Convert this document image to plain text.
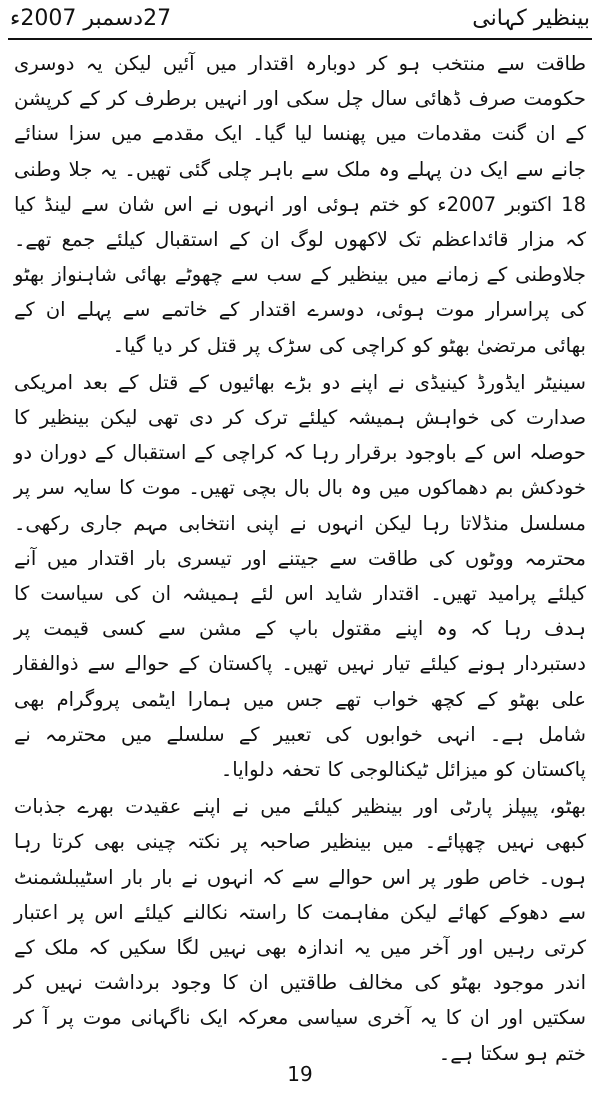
27دسمبر 2007ء	بینظیر کہانی

طاقت سے منتخب ہو کر دوبارہ اقتدار میں آئیں لیکن یہ دوسری حکومت صرف ڈھائی سال چل سکی اور انہیں برطرف کر کے کرپشن کے ان گنت مقدمات میں پھنسا لیا گیا۔ ایک مقدمے میں سزا سنائے جانے سے ایک دن پہلے وہ ملک سے باہر چلی گئی تھیں۔ یہ جلا وطنی 18 اکتوبر 2007ء کو ختم ہوئی اور انہوں نے اس شان سے لینڈ کیا کہ مزار قائداعظم تک لاکھوں لوگ ان کے استقبال کیلئے جمع تھے۔ جلاوطنی کے زمانے میں بینظیر کے سب سے چھوٹے بھائی شاہنواز بھٹو کی پراسرار موت ہوئی، دوسرے اقتدار کے خاتمے سے پہلے ان کے بھائی مرتضیٰ بھٹو کو کراچی کی سڑک پر قتل کر دیا گیا۔

سینیٹر ایڈورڈ کینیڈی نے اپنے دو بڑے بھائیوں کے قتل کے بعد امریکی صدارت کی خواہش ہمیشہ کیلئے ترک کر دی تھی لیکن بینظیر کا حوصلہ اس کے باوجود برقرار رہا کہ کراچی کے استقبال کے دوران دو خودکش بم دھماکوں میں وہ بال بال بچی تھیں۔ موت کا سایہ سر پر مسلسل منڈلاتا رہا لیکن انہوں نے اپنی انتخابی مہم جاری رکھی۔ محترمہ ووٹوں کی طاقت سے جیتنے اور تیسری بار اقتدار میں آنے کیلئے پرامید تھیں۔ اقتدار شاید اس لئے ہمیشہ ان کی سیاست کا ہدف رہا کہ وہ اپنے مقتول باپ کے مشن سے کسی قیمت پر دستبردار ہونے کیلئے تیار نہیں تھیں۔ پاکستان کے حوالے سے ذوالفقار علی بھٹو کے کچھ خواب تھے جس میں ہمارا ایٹمی پروگرام بھی شامل ہے۔ انہی خوابوں کی تعبیر کے سلسلے میں محترمہ نے پاکستان کو میزائل ٹیکنالوجی کا تحفہ دلوایا۔

بھٹو، پیپلز پارٹی اور بینظیر کیلئے میں نے اپنے عقیدت بھرے جذبات کبھی نہیں چھپائے۔ میں بینظیر صاحبہ پر نکتہ چینی بھی کرتا رہا ہوں۔ خاص طور پر اس حوالے سے کہ انہوں نے بار بار اسٹیبلشمنٹ سے دھوکے کھائے لیکن مفاہمت کا راستہ نکالنے کیلئے اس پر اعتبار کرتی رہیں اور آخر میں یہ اندازہ بھی نہیں لگا سکیں کہ ملک کے اندر موجود بھٹو کی مخالف طاقتیں ان کا وجود برداشت نہیں کر سکتیں اور ان کا یہ آخری سیاسی معرکہ ایک ناگہانی موت پر آ کر ختم ہو سکتا ہے۔

19
